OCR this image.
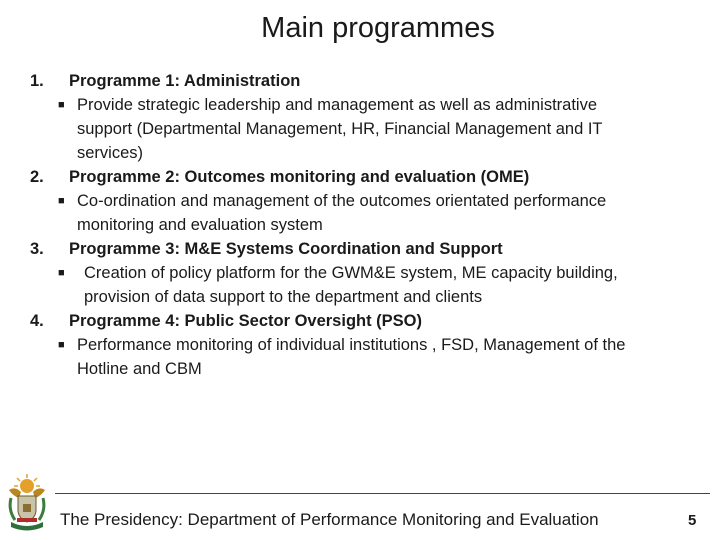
Main programmes
1. Programme 1: Administration
■ Provide strategic leadership and management as well as administrative
support (Departmental Management, HR, Financial Management and IT
services)
2. Programme 2: Outcomes monitoring and evaluation (OME)
■ Co-ordination and management of the outcomes orientated performance
monitoring and evaluation system
3. Programme 3: M&E Systems Coordination and Support
■ Creation of policy platform for the GWM&E system, ME capacity building,
provision of data support to the department and clients
4. Programme 4: Public Sector Oversight (PSO)
■ Performance monitoring of individual institutions , FSD, Management of the
Hotline and CBM
The Presidency: Department of Performance Monitoring and Evaluation	5
